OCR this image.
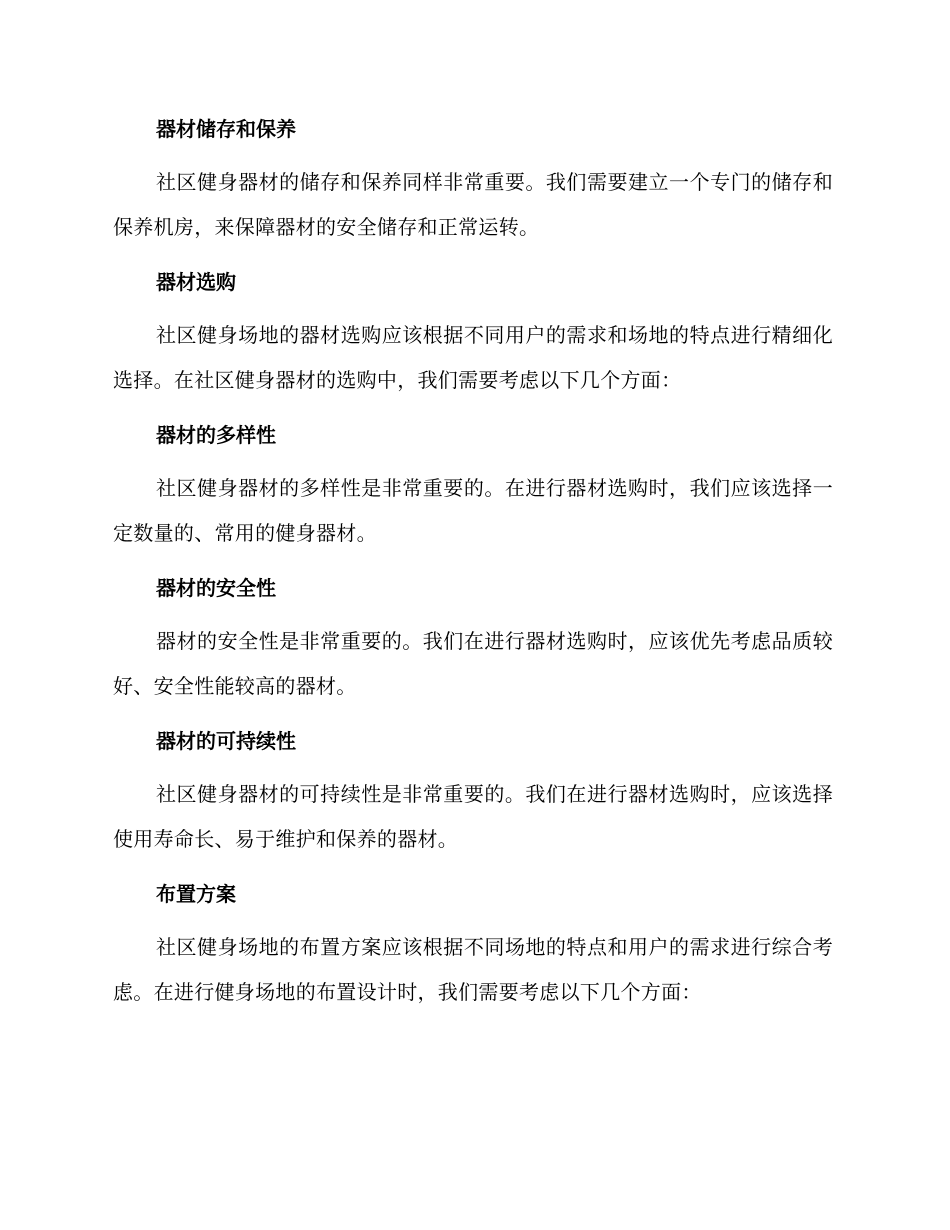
器材储存和保养

社区健身器材的储存和保养同样非常重要。我们需要建立一个专门的储存和保养机房，来保障器材的安全储存和正常运转。

器材选购

社区健身场地的器材选购应该根据不同用户的需求和场地的特点进行精细化选择。在社区健身器材的选购中，我们需要考虑以下几个方面：

器材的多样性

社区健身器材的多样性是非常重要的。在进行器材选购时，我们应该选择一定数量的、常用的健身器材。

器材的安全性

器材的安全性是非常重要的。我们在进行器材选购时，应该优先考虑品质较好、安全性能较高的器材。

器材的可持续性

社区健身器材的可持续性是非常重要的。我们在进行器材选购时，应该选择使用寿命长、易于维护和保养的器材。

布置方案

社区健身场地的布置方案应该根据不同场地的特点和用户的需求进行综合考虑。在进行健身场地的布置设计时，我们需要考虑以下几个方面：
